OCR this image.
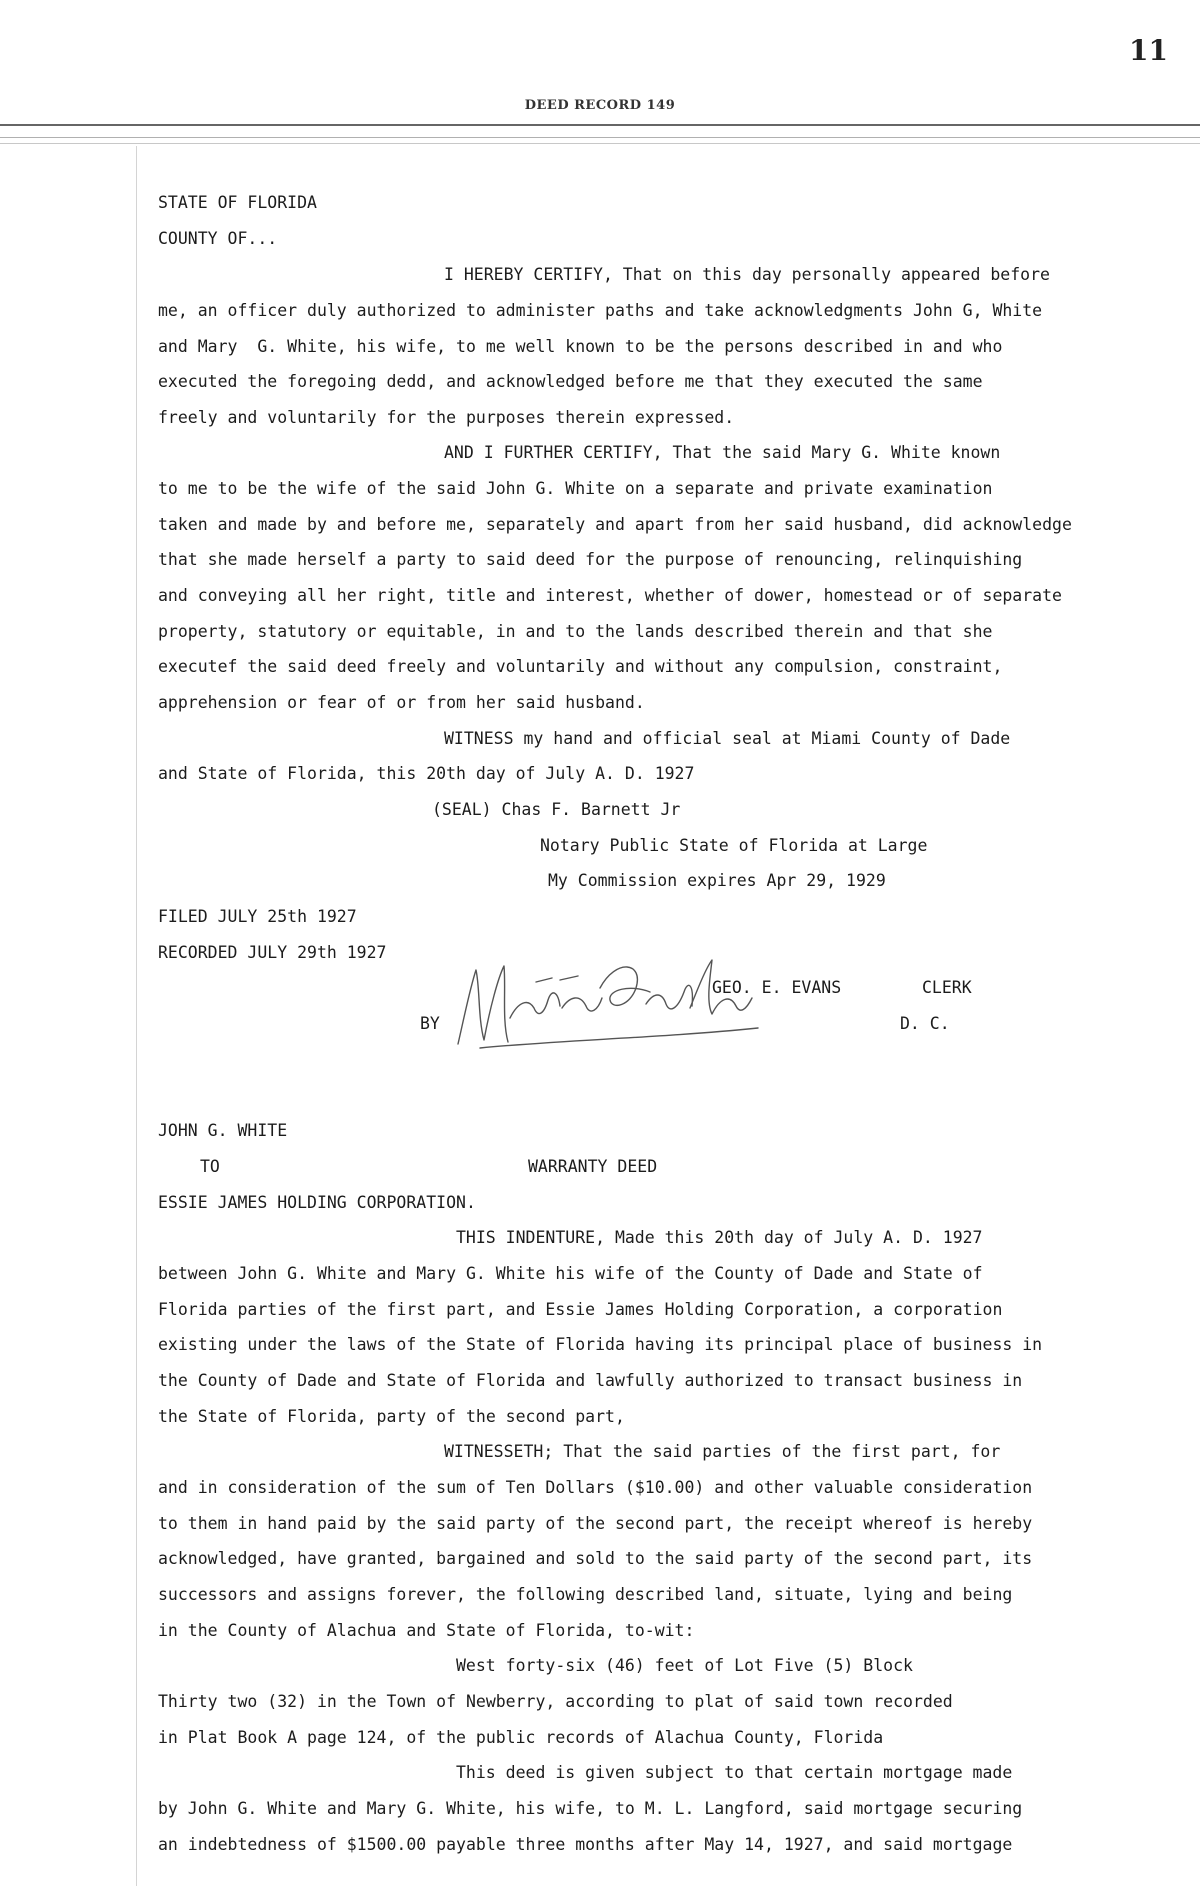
11
DEED RECORD 149
STATE OF FLORIDA
COUNTY OF...
I HEREBY CERTIFY, That on this day personally appeared before
me, an officer duly authorized to administer paths and take acknowledgments John G, White
and Mary  G. White, his wife, to me well known to be the persons described in and who
executed the foregoing dedd, and acknowledged before me that they executed the same
freely and voluntarily for the purposes therein expressed.
AND I FURTHER CERTIFY, That the said Mary G. White known
to me to be the wife of the said John G. White on a separate and private examination
taken and made by and before me, separately and apart from her said husband, did acknowledge
that she made herself a party to said deed for the purpose of renouncing, relinquishing
and conveying all her right, title and interest, whether of dower, homestead or of separate
property, statutory or equitable, in and to the lands described therein and that she
executef the said deed freely and voluntarily and without any compulsion, constraint,
apprehension or fear of or from her said husband.
WITNESS my hand and official seal at Miami County of Dade
and State of Florida, this 20th day of July A. D. 1927
(SEAL) Chas F. Barnett Jr
Notary Public State of Florida at Large
My Commission expires Apr 29, 1929
FILED JULY 25th 1927
RECORDED JULY 29th 1927
GEO. E. EVANS	CLERK
BY	D. C.
JOHN G. WHITE
TO	WARRANTY DEED
ESSIE JAMES HOLDING CORPORATION.
THIS INDENTURE, Made this 20th day of July A. D. 1927
between John G. White and Mary G. White his wife of the County of Dade and State of
Florida parties of the first part, and Essie James Holding Corporation, a corporation
existing under the laws of the State of Florida having its principal place of business in
the County of Dade and State of Florida and lawfully authorized to transact business in
the State of Florida, party of the second part,
WITNESSETH; That the said parties of the first part, for
and in consideration of the sum of Ten Dollars ($10.00) and other valuable consideration
to them in hand paid by the said party of the second part, the receipt whereof is hereby
acknowledged, have granted, bargained and sold to the said party of the second part, its
successors and assigns forever, the following described land, situate, lying and being
in the County of Alachua and State of Florida, to-wit:
West forty-six (46) feet of Lot Five (5) Block
Thirty two (32) in the Town of Newberry, according to plat of said town recorded
in Plat Book A page 124, of the public records of Alachua County, Florida
This deed is given subject to that certain mortgage made
by John G. White and Mary G. White, his wife, to M. L. Langford, said mortgage securing
an indebtedness of $1500.00 payable three months after May 14, 1927, and said mortgage
